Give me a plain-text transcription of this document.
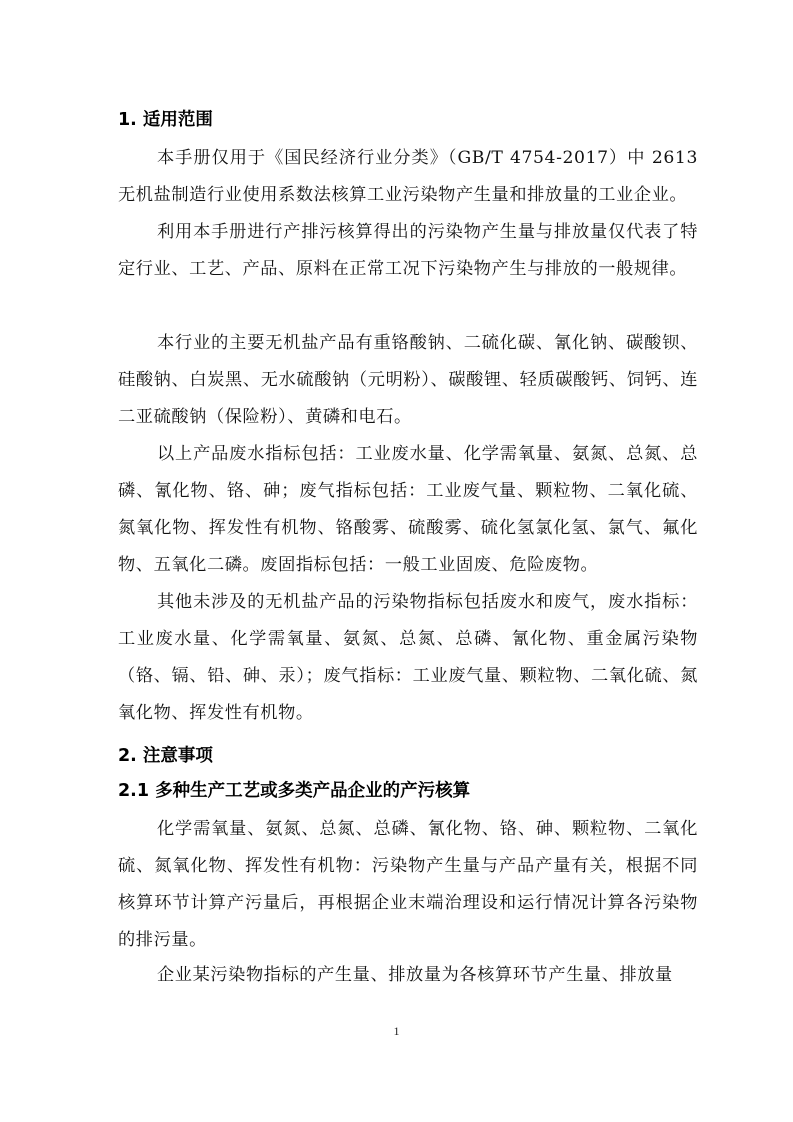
1. 适用范围
本手册仅用于《国民经济行业分类》（GB/T 4754-2017）中 2613 无机盐制造行业使用系数法核算工业污染物产生量和排放量的工业企业。
利用本手册进行产排污核算得出的污染物产生量与排放量仅代表了特定行业、工艺、产品、原料在正常工况下污染物产生与排放的一般规律。
本行业的主要无机盐产品有重铬酸钠、二硫化碳、氰化钠、碳酸钡、硅酸钠、白炭黑、无水硫酸钠（元明粉）、碳酸锂、轻质碳酸钙、饲钙、连二亚硫酸钠（保险粉）、黄磷和电石。
以上产品废水指标包括：工业废水量、化学需氧量、氨氮、总氮、总磷、氰化物、铬、砷；废气指标包括：工业废气量、颗粒物、二氧化硫、氮氧化物、挥发性有机物、铬酸雾、硫酸雾、硫化氢氯化氢、氯气、氟化物、五氧化二磷。废固指标包括：一般工业固废、危险废物。
其他未涉及的无机盐产品的污染物指标包括废水和废气，废水指标：工业废水量、化学需氧量、氨氮、总氮、总磷、氰化物、重金属污染物（铬、镉、铅、砷、汞）；废气指标：工业废气量、颗粒物、二氧化硫、氮氧化物、挥发性有机物。
2. 注意事项
2.1 多种生产工艺或多类产品企业的产污核算
化学需氧量、氨氮、总氮、总磷、氰化物、铬、砷、颗粒物、二氧化硫、氮氧化物、挥发性有机物：污染物产生量与产品产量有关，根据不同核算环节计算产污量后，再根据企业末端治理设和运行情况计算各污染物的排污量。
企业某污染物指标的产生量、排放量为各核算环节产生量、排放量
1
